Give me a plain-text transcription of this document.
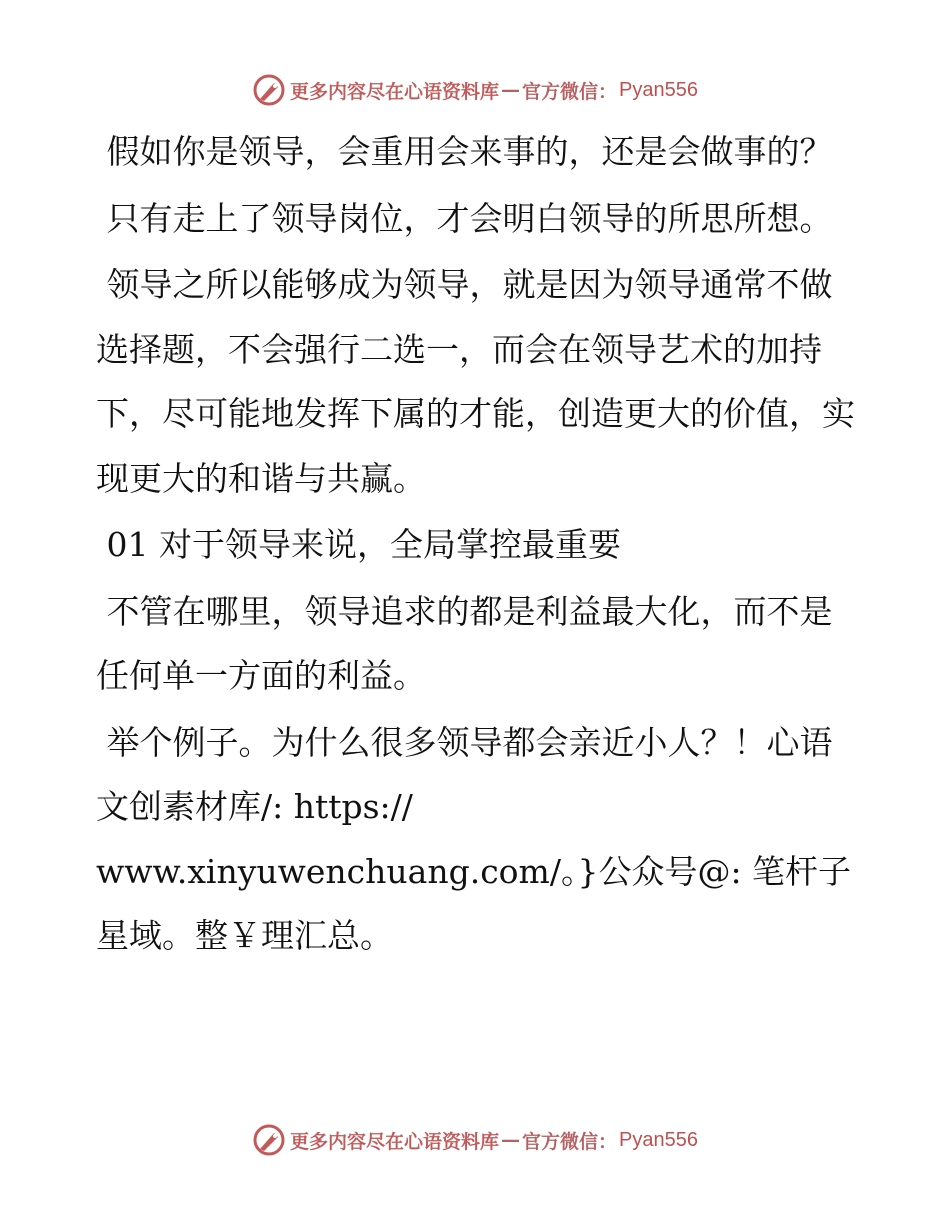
更多内容尽在心语资料库 — 官方微信： Pyan556

假如你是领导，会重用会来事的，还是会做事的？

只有走上了领导岗位，才会明白领导的所思所想。

领导之所以能够成为领导，就是因为领导通常不做选择题，不会强行二选一，而会在领导艺术的加持下，尽可能地发挥下属的才能，创造更大的价值，实现更大的和谐与共赢。

01 对于领导来说，全局掌控最重要

不管在哪里，领导追求的都是利益最大化，而不是任何单一方面的利益。

举个例子。为什么很多领导都会亲近小人？！心语文创素材库/: https://
www.xinyuwenchuang.com/。}公众号@: 笔杆子星域。整￥理汇总。

更多内容尽在心语资料库 — 官方微信： Pyan556
